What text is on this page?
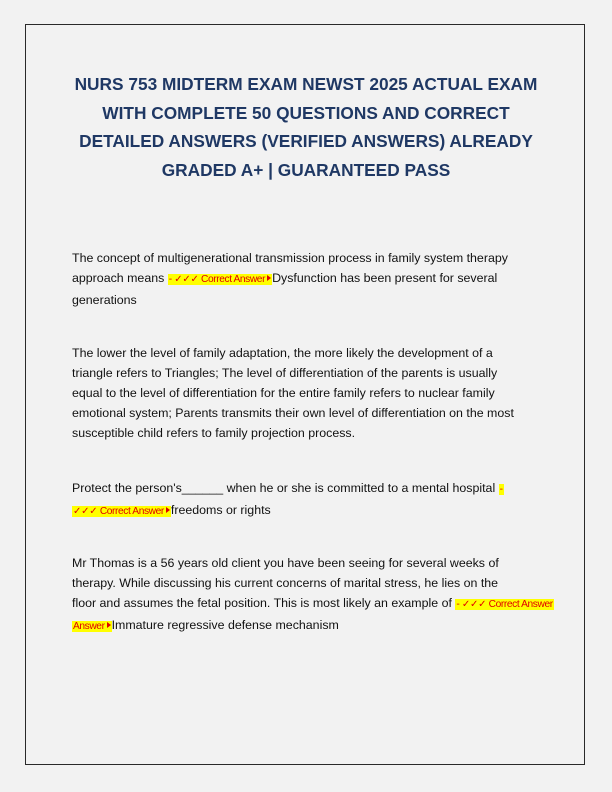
NURS 753 MIDTERM EXAM NEWST 2025 ACTUAL EXAM
WITH COMPLETE 50 QUESTIONS AND CORRECT
DETAILED ANSWERS (VERIFIED ANSWERS) ALREADY
GRADED A+ | GUARANTEED PASS

The concept of multigenerational transmission process in family system therapy
approach means - ✓✓✓ Correct Answer Dysfunction has been present for several
generations

The lower the level of family adaptation, the more likely the development of a
triangle refers to Triangles; The level of differentiation of the parents is usually
equal to the level of differentiation for the entire family refers to nuclear family
emotional system; Parents transmits their own level of differentiation on the most
susceptible child refers to family projection process.

Protect the person's______ when he or she is committed to a mental hospital -
✓✓✓ Correct Answer freedoms or rights

Mr Thomas is a 56 years old client you have been seeing for several weeks of
therapy. While discussing his current concerns of marital stress, he lies on the
floor and assumes the fetal position. This is most likely an example of - ✓✓✓ Correct Answer
Answer Immature regressive defense mechanism
